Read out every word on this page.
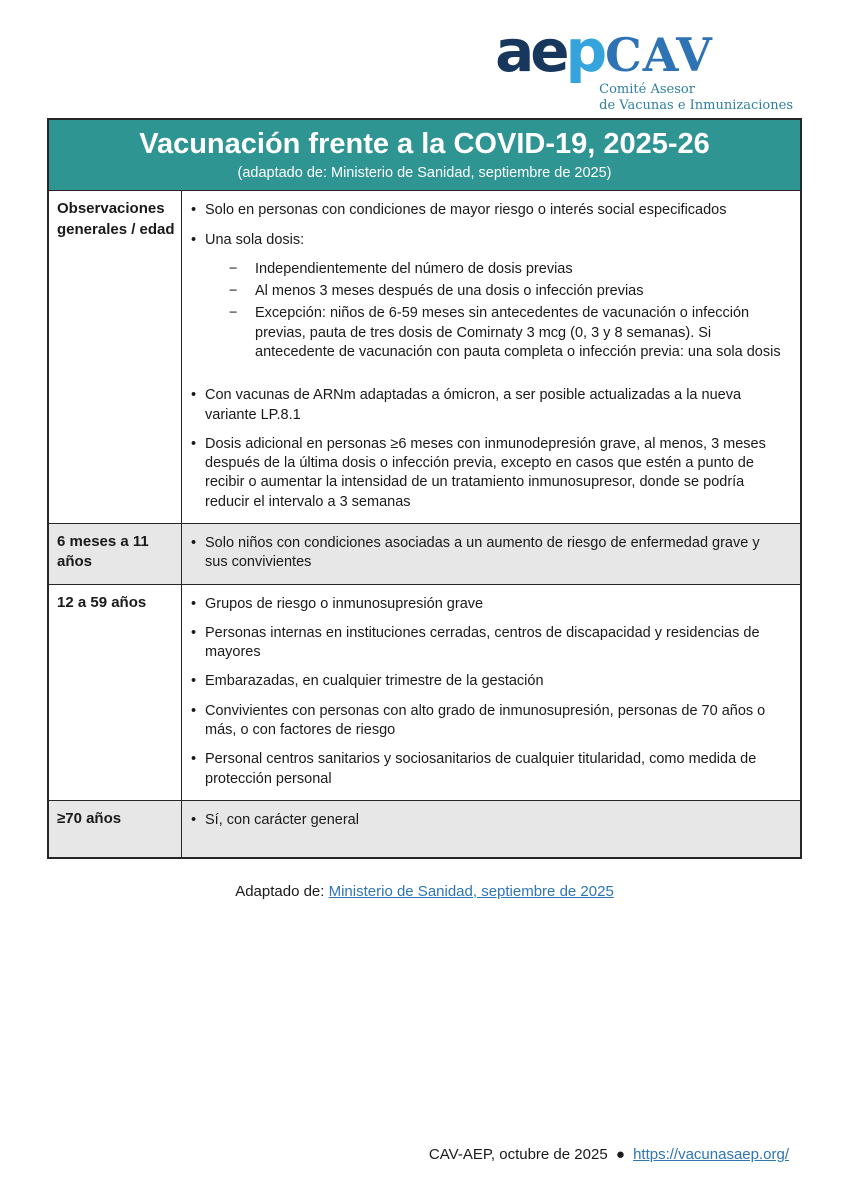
aepCAV
Comité Asesor
de Vacunas e Inmunizaciones
Vacunación frente a la COVID-19, 2025-26
(adaptado de: Ministerio de Sanidad, septiembre de 2025)	

Observaciones generales / edad	
• Solo en personas con condiciones de mayor riesgo o interés social especificados
• Una sola dosis:
−	Independientemente del número de dosis previas
−	Al menos 3 meses después de una dosis o infección previas
−	Excepción: niños de 6-59 meses sin antecedentes de vacunación o infección previas, pauta de tres dosis de Comirnaty 3 mcg (0, 3 y 8 semanas). Si antecedente de vacunación con pauta completa o infección previa: una sola dosis
• Con vacunas de ARNm adaptadas a ómicron, a ser posible actualizadas a la nueva variante LP.8.1
• Dosis adicional en personas ≥6 meses con inmunodepresión grave, al menos, 3 meses después de la última dosis o infección previa, excepto en casos que estén a punto de recibir o aumentar la intensidad de un tratamiento inmunosupresor, donde se podría reducir el intervalo a 3 semanas

6 meses a 11 años	• Solo niños con condiciones asociadas a un aumento de riesgo de enfermedad grave y sus convivientes

12 a 59 años	• Grupos de riesgo o inmunosupresión grave
• Personas internas en instituciones cerradas, centros de discapacidad y residencias de mayores
• Embarazadas, en cualquier trimestre de la gestación
• Convivientes con personas con alto grado de inmunosupresión, personas de 70 años o más, o con factores de riesgo
• Personal centros sanitarios y sociosanitarios de cualquier titularidad, como medida de protección personal

≥70 años	• Sí, con carácter general
Adaptado de: Ministerio de Sanidad, septiembre de 2025
CAV-AEP, octubre de 2025 ● https://vacunasaep.org/
